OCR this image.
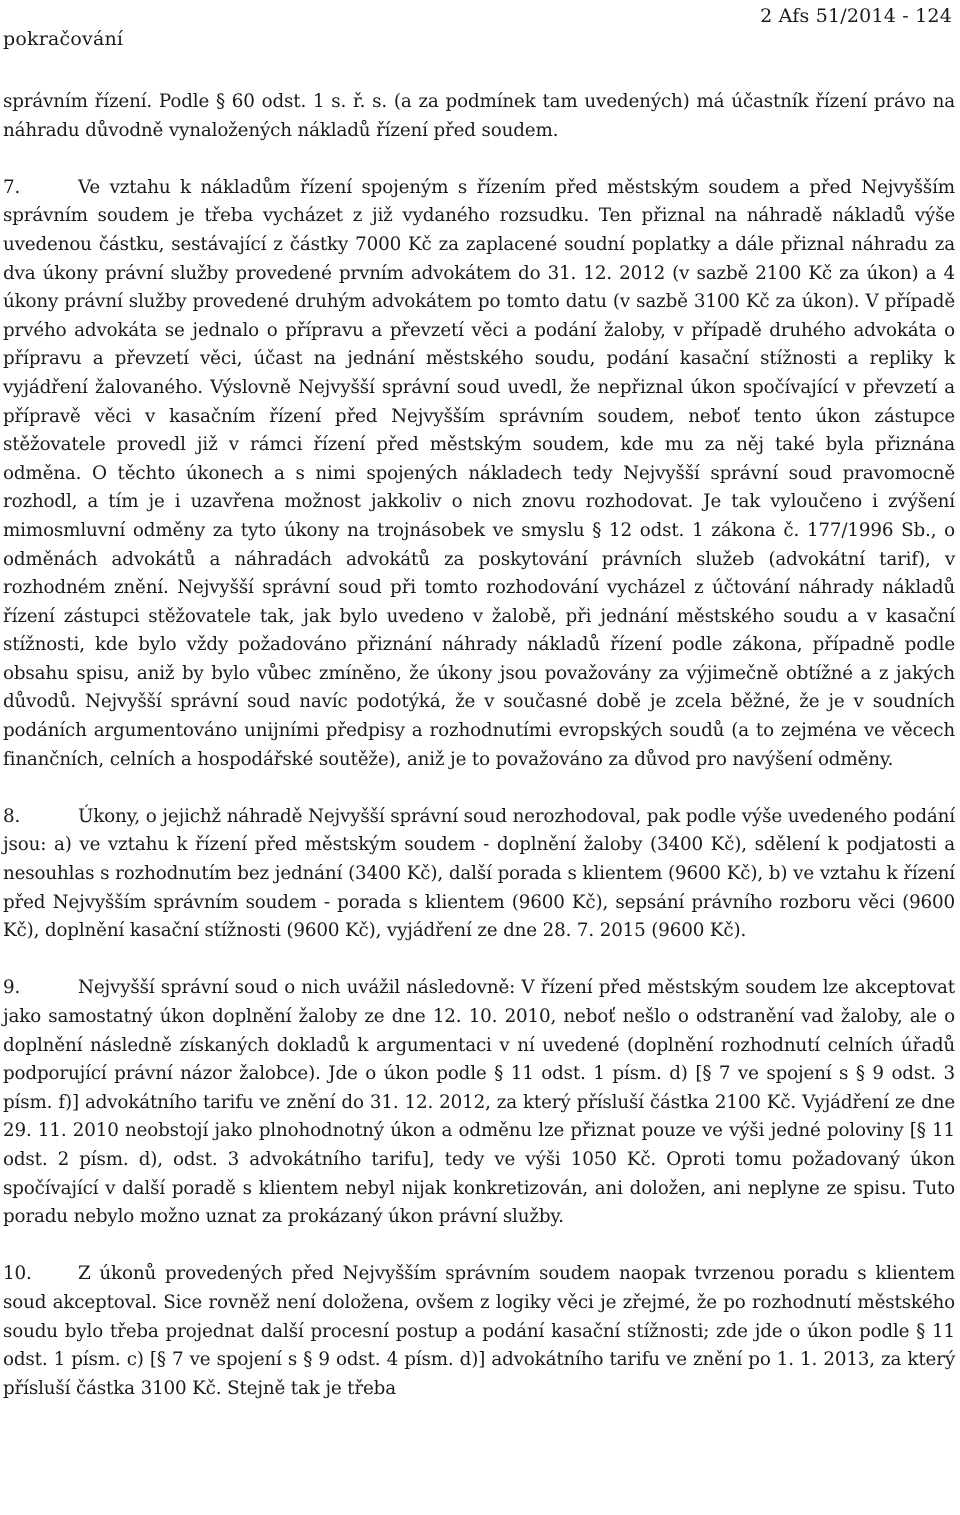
pokračování
2 Afs 51/2014 - 124

správním řízení. Podle § 60 odst. 1 s. ř. s. (a za podmínek tam uvedených) má účastník řízení právo na náhradu důvodně vynaložených nákladů řízení před soudem.

7.	Ve vztahu k nákladům řízení spojeným s řízením před městským soudem a před Nejvyšším správním soudem je třeba vycházet z již vydaného rozsudku. Ten přiznal na náhradě nákladů výše uvedenou částku, sestávající z částky 7000 Kč za zaplacené soudní poplatky a dále přiznal náhradu za dva úkony právní služby provedené prvním advokátem do 31. 12. 2012 (v sazbě 2100 Kč za úkon) a 4 úkony právní služby provedené druhým advokátem po tomto datu (v sazbě 3100 Kč za úkon). V případě prvého advokáta se jednalo o přípravu a převzetí věci a podání žaloby, v případě druhého advokáta o přípravu a převzetí věci, účast na jednání městského soudu, podání kasační stížnosti a repliky k vyjádření žalovaného. Výslovně Nejvyšší správní soud uvedl, že nepřiznal úkon spočívající v převzetí a přípravě věci v kasačním řízení před Nejvyšším správním soudem, neboť tento úkon zástupce stěžovatele provedl již v rámci řízení před městským soudem, kde mu za něj také byla přiznána odměna. O těchto úkonech a s nimi spojených nákladech tedy Nejvyšší správní soud pravomocně rozhodl, a tím je i uzavřena možnost jakkoliv o nich znovu rozhodovat. Je tak vyloučeno i zvýšení mimosmluvní odměny za tyto úkony na trojnásobek ve smyslu § 12 odst. 1 zákona č. 177/1996 Sb., o odměnách advokátů a náhradách advokátů za poskytování právních služeb (advokátní tarif), v rozhodném znění. Nejvyšší správní soud při tomto rozhodování vycházel z účtování náhrady nákladů řízení zástupci stěžovatele tak, jak bylo uvedeno v žalobě, při jednání městského soudu a v kasační stížnosti, kde bylo vždy požadováno přiznání náhrady nákladů řízení podle zákona, případně podle obsahu spisu, aniž by bylo vůbec zmíněno, že úkony jsou považovány za výjimečně obtížné a z jakých důvodů. Nejvyšší správní soud navíc podotýká, že v současné době je zcela běžné, že je v soudních podáních argumentováno unijními předpisy a rozhodnutími evropských soudů (a to zejména ve věcech finančních, celních a hospodářské soutěže), aniž je to považováno za důvod pro navýšení odměny.

8.	Úkony, o jejichž náhradě Nejvyšší správní soud nerozhodoval, pak podle výše uvedeného podání jsou: a) ve vztahu k řízení před městským soudem - doplnění žaloby (3400 Kč), sdělení k podjatosti a nesouhlas s rozhodnutím bez jednání (3400 Kč), další porada s klientem (9600 Kč), b) ve vztahu k řízení před Nejvyšším správním soudem - porada s klientem (9600 Kč), sepsání právního rozboru věci (9600 Kč), doplnění kasační stížnosti (9600 Kč), vyjádření ze dne 28. 7. 2015 (9600 Kč).

9.	Nejvyšší správní soud o nich uvážil následovně: V řízení před městským soudem lze akceptovat jako samostatný úkon doplnění žaloby ze dne 12. 10. 2010, neboť nešlo o odstranění vad žaloby, ale o doplnění následně získaných dokladů k argumentaci v ní uvedené (doplnění rozhodnutí celních úřadů podporující právní názor žalobce). Jde o úkon podle § 11 odst. 1 písm. d) [§ 7 ve spojení s § 9 odst. 3 písm. f)] advokátního tarifu ve znění do 31. 12. 2012, za který přísluší částka 2100 Kč. Vyjádření ze dne 29. 11. 2010 neobstojí jako plnohodnotný úkon a odměnu lze přiznat pouze ve výši jedné poloviny [§ 11 odst. 2 písm. d), odst. 3 advokátního tarifu], tedy ve výši 1050 Kč. Oproti tomu požadovaný úkon spočívající v další poradě s klientem nebyl nijak konkretizován, ani doložen, ani neplyne ze spisu. Tuto poradu nebylo možno uznat za prokázaný úkon právní služby.

10.	Z úkonů provedených před Nejvyšším správním soudem naopak tvrzenou poradu s klientem soud akceptoval. Sice rovněž není doložena, ovšem z logiky věci je zřejmé, že po rozhodnutí městského soudu bylo třeba projednat další procesní postup a podání kasační stížnosti; zde jde o úkon podle § 11 odst. 1 písm. c) [§ 7 ve spojení s § 9 odst. 4 písm. d)] advokátního tarifu ve znění po 1. 1. 2013, za který přísluší částka 3100 Kč. Stejně tak je třeba
